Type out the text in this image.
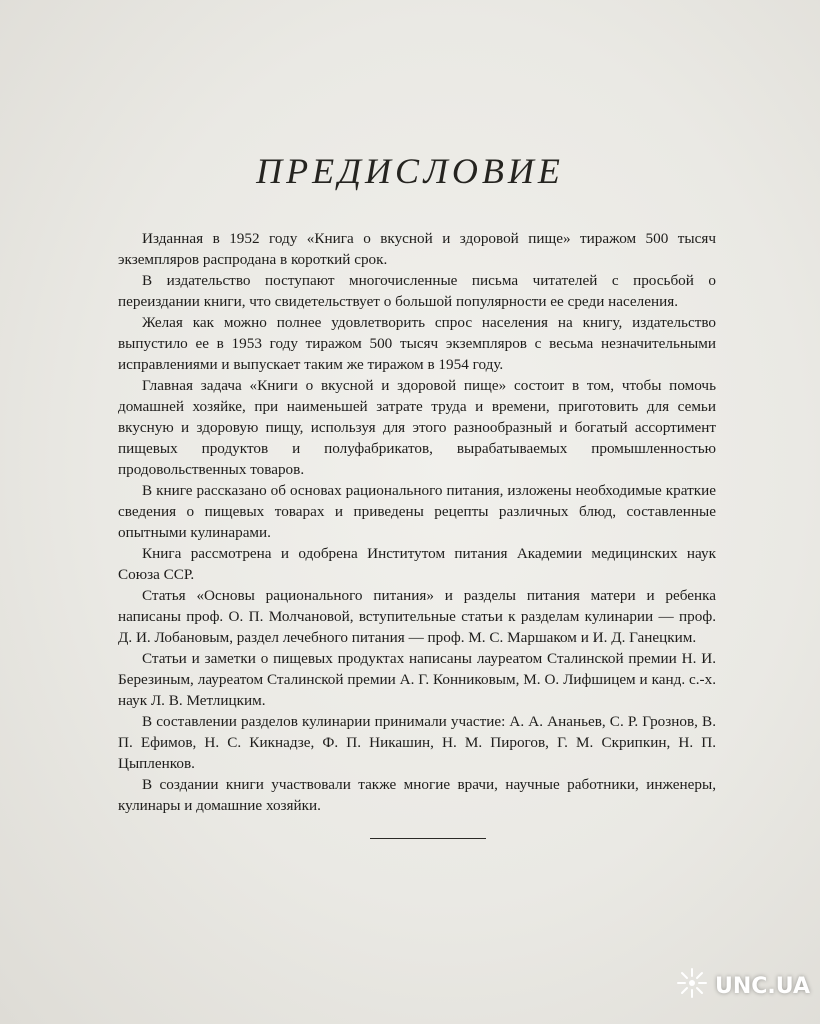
ПРЕДИСЛОВИЕ

Изданная в 1952 году «Книга о вкусной и здоровой пище» тиражом 500 тысяч экземпляров распродана в короткий срок.

В издательство поступают многочисленные письма читателей с просьбой о переиздании книги, что свидетельствует о большой популярности ее среди населения.

Желая как можно полнее удовлетворить спрос населения на книгу, издательство выпустило ее в 1953 году тиражом 500 тысяч экземпляров с весьма незначительными исправлениями и выпускает таким же тиражом в 1954 году.

Главная задача «Книги о вкусной и здоровой пище» состоит в том, чтобы помочь домашней хозяйке, при наименьшей затрате труда и времени, приготовить для семьи вкусную и здоровую пищу, используя для этого разнообразный и богатый ассортимент пищевых продуктов и полуфабрикатов, вырабатываемых промышленностью продовольственных товаров.

В книге рассказано об основах рационального питания, изложены необходимые краткие сведения о пищевых товарах и приведены рецепты различных блюд, составленные опытными кулинарами.

Книга рассмотрена и одобрена Институтом питания Академии медицинских наук Союза ССР.

Статья «Основы рационального питания» и разделы питания матери и ребенка написаны проф. О. П. Молчановой, вступительные статьи к разделам кулинарии — проф. Д. И. Лобановым, раздел лечебного питания — проф. М. С. Маршаком и И. Д. Ганецким.

Статьи и заметки о пищевых продуктах написаны лауреатом Сталинской премии Н. И. Березиным, лауреатом Сталинской премии А. Г. Конниковым, М. О. Лифшицем и канд. с.-х. наук Л. В. Метлицким.

В составлении разделов кулинарии принимали участие: А. А. Ананьев, С. Р. Грознов, В. П. Ефимов, Н. С. Кикнадзе, Ф. П. Никашин, Н. М. Пирогов, Г. М. Скрипкин, Н. П. Цыпленков.

В создании книги участвовали также многие врачи, научные работники, инженеры, кулинары и домашние хозяйки.

UNC.UA
